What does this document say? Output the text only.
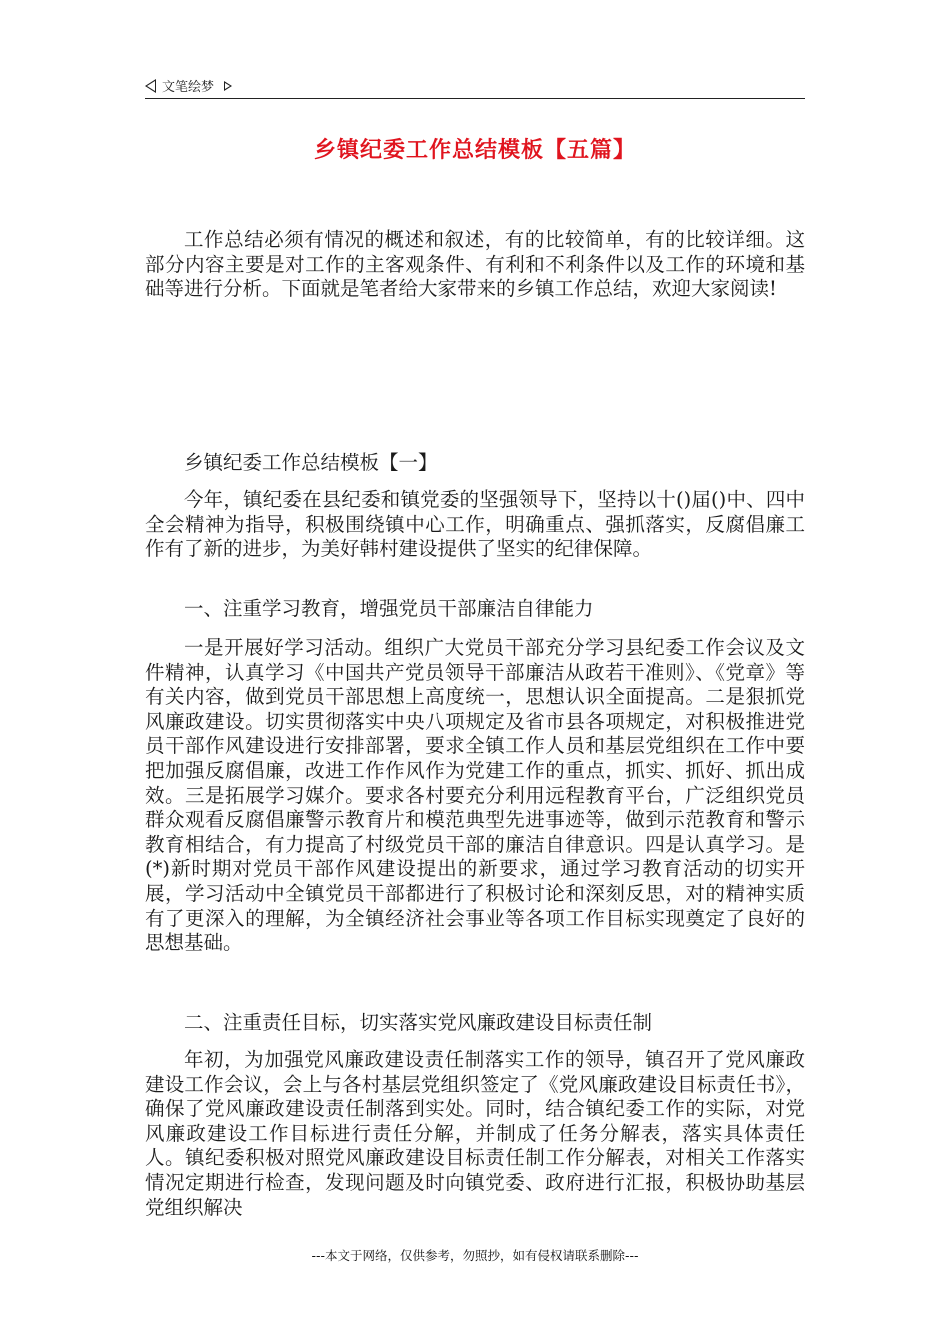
文笔绘梦
乡镇纪委工作总结模板【五篇】

工作总结必须有情况的概述和叙述，有的比较简单，有的比较详细。这部分内容主要是对工作的主客观条件、有利和不利条件以及工作的环境和基础等进行分析。下面就是笔者给大家带来的乡镇工作总结，欢迎大家阅读!

乡镇纪委工作总结模板【一】

今年，镇纪委在县纪委和镇党委的坚强领导下，坚持以十()届()中、四中全会精神为指导，积极围绕镇中心工作，明确重点、强抓落实，反腐倡廉工作有了新的进步，为美好韩村建设提供了坚实的纪律保障。

一、注重学习教育，增强党员干部廉洁自律能力

一是开展好学习活动。组织广大党员干部充分学习县纪委工作会议及文件精神，认真学习《中国共产党员领导干部廉洁从政若干准则》、《党章》等有关内容，做到党员干部思想上高度统一，思想认识全面提高。二是狠抓党风廉政建设。切实贯彻落实中央八项规定及省市县各项规定，对积极推进党员干部作风建设进行安排部署，要求全镇工作人员和基层党组织在工作中要把加强反腐倡廉，改进工作作风作为党建工作的重点，抓实、抓好、抓出成效。三是拓展学习媒介。要求各村要充分利用远程教育平台，广泛组织党员群众观看反腐倡廉警示教育片和模范典型先进事迹等，做到示范教育和警示教育相结合，有力提高了村级党员干部的廉洁自律意识。四是认真学习。是(*)新时期对党员干部作风建设提出的新要求，通过学习教育活动的切实开展，学习活动中全镇党员干部都进行了积极讨论和深刻反思，对的精神实质有了更深入的理解，为全镇经济社会事业等各项工作目标实现奠定了良好的思想基础。

二、注重责任目标，切实落实党风廉政建设目标责任制

年初，为加强党风廉政建设责任制落实工作的领导，镇召开了党风廉政建设工作会议，会上与各村基层党组织签定了《党风廉政建设目标责任书》，确保了党风廉政建设责任制落到实处。同时，结合镇纪委工作的实际，对党风廉政建设工作目标进行责任分解，并制成了任务分解表，落实具体责任人。镇纪委积极对照党风廉政建设目标责任制工作分解表，对相关工作落实情况定期进行检查，发现问题及时向镇党委、政府进行汇报，积极协助基层党组织解决

---本文于网络，仅供参考，勿照抄，如有侵权请联系删除---
